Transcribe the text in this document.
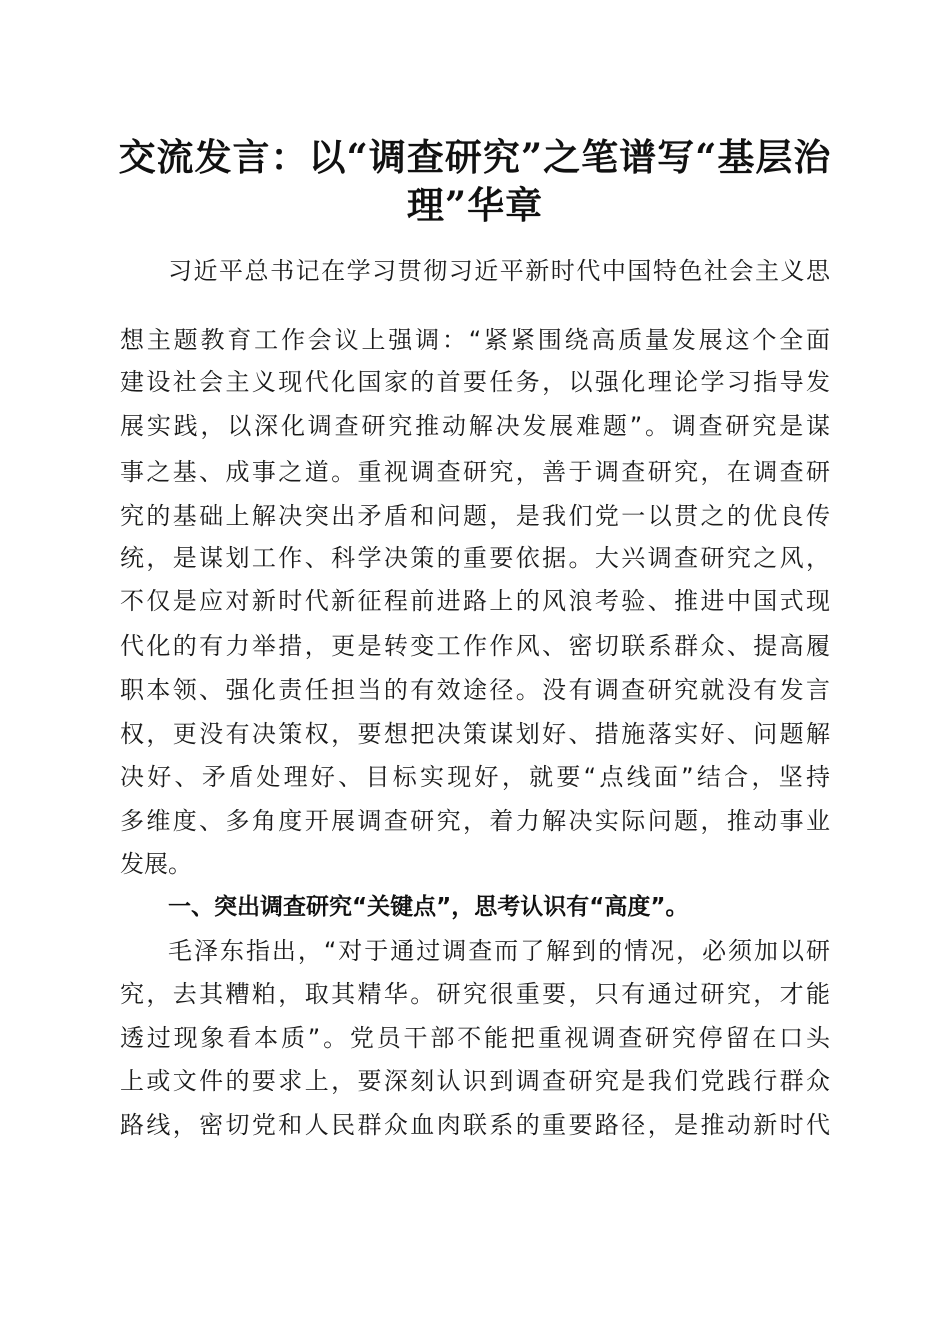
交流发言：以“调查研究”之笔谱写“基层治理”华章

习近平总书记在学习贯彻习近平新时代中国特色社会主义思

想主题教育工作会议上强调：“紧紧围绕高质量发展这个全面

建设社会主义现代化国家的首要任务，以强化理论学习指导发

展实践，以深化调查研究推动解决发展难题”。调查研究是谋

事之基、成事之道。重视调查研究，善于调查研究，在调查研

究的基础上解决突出矛盾和问题，是我们党一以贯之的优良传

统，是谋划工作、科学决策的重要依据。大兴调查研究之风，

不仅是应对新时代新征程前进路上的风浪考验、推进中国式现

代化的有力举措，更是转变工作作风、密切联系群众、提高履

职本领、强化责任担当的有效途径。没有调查研究就没有发言

权，更没有决策权，要想把决策谋划好、措施落实好、问题解

决好、矛盾处理好、目标实现好，就要“点线面”结合，坚持

多维度、多角度开展调查研究，着力解决实际问题，推动事业

发展。

一、突出调查研究“关键点”，思考认识有“高度”。

毛泽东指出，“对于通过调查而了解到的情况，必须加以研

究，去其糟粕，取其精华。研究很重要，只有通过研究，才能

透过现象看本质”。党员干部不能把重视调查研究停留在口头

上或文件的要求上，要深刻认识到调查研究是我们党践行群众

路线，密切党和人民群众血肉联系的重要路径，是推动新时代
